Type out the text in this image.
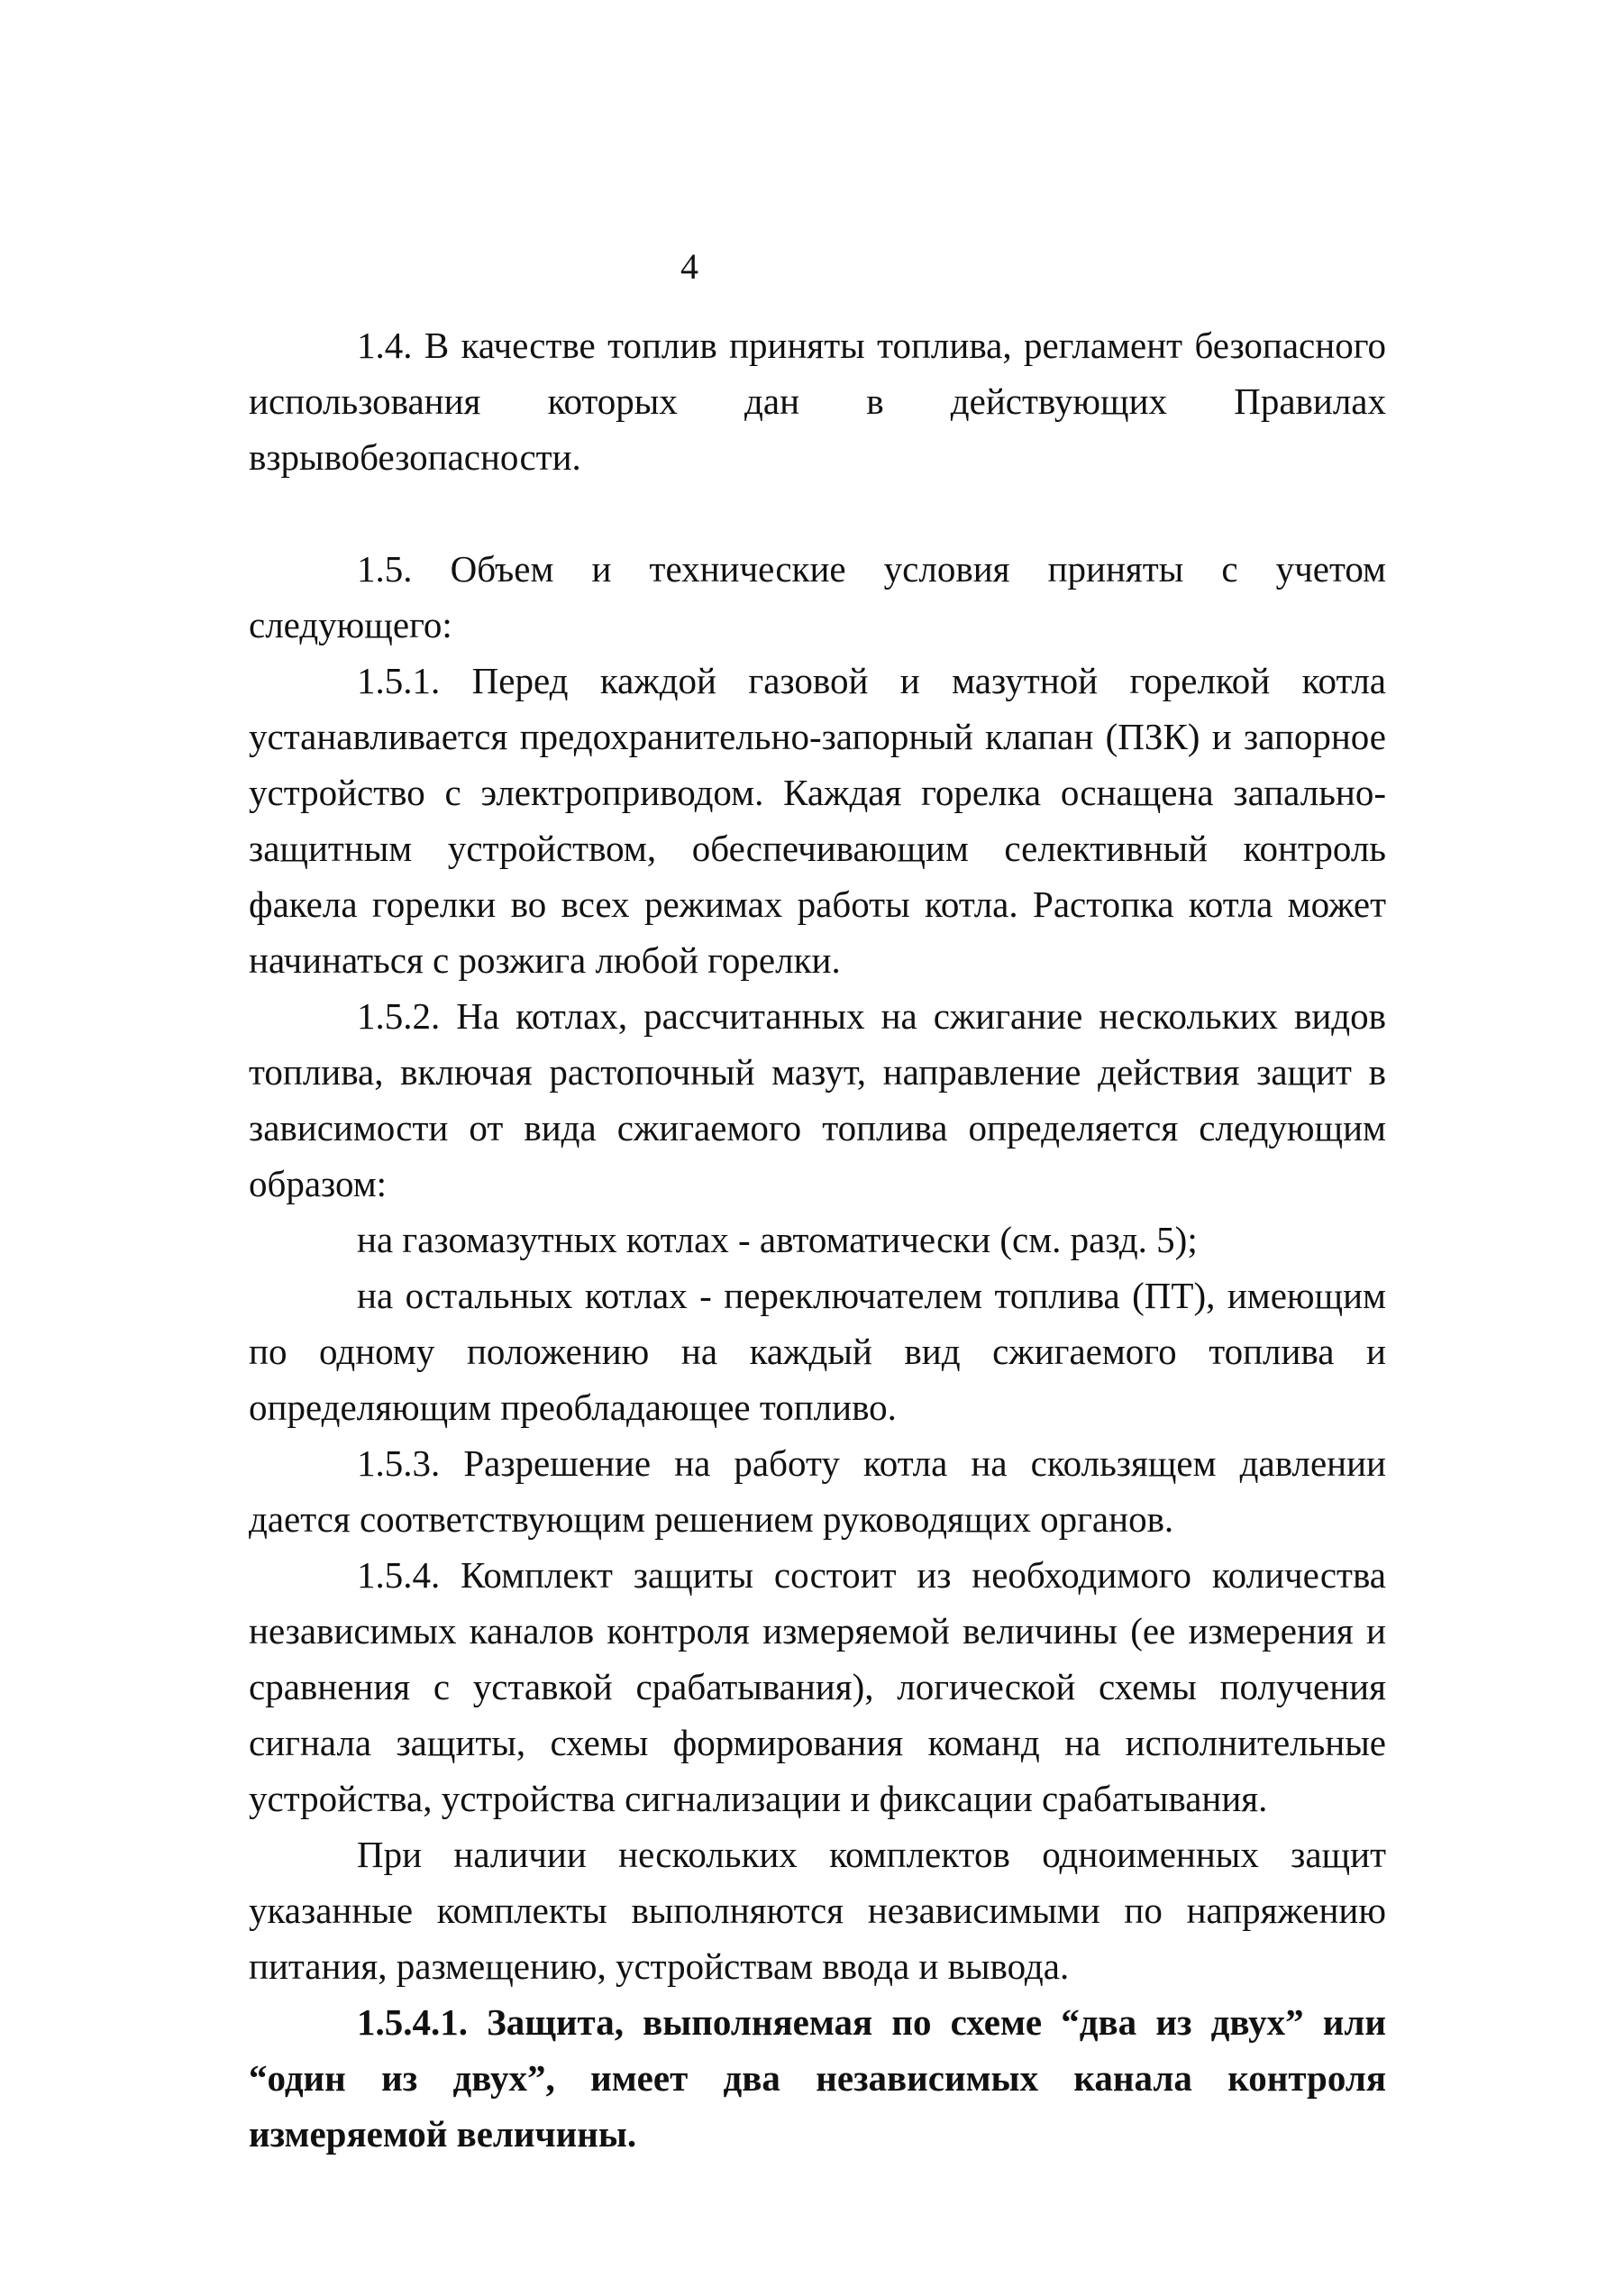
4

1.4. В качестве топлив приняты топлива, регламент безопасного использования которых дан в действующих Правилах взрывобезопасности.

1.5. Объем и технические условия приняты с учетом следующего:

1.5.1. Перед каждой газовой и мазутной горелкой котла устанавливается предохранительно-запорный клапан (ПЗК) и запорное устройство с электроприводом. Каждая горелка оснащена запально-защитным устройством, обеспечивающим селективный контроль факела горелки во всех режимах работы котла. Растопка котла может начинаться с розжига любой горелки.

1.5.2. На котлах, рассчитанных на сжигание нескольких видов топлива, включая растопочный мазут, направление действия защит в зависимости от вида сжигаемого топлива определяется следующим образом:

на газомазутных котлах - автоматически (см. разд. 5);

на остальных котлах - переключателем топлива (ПТ), имеющим по одному положению на каждый вид сжигаемого топлива и определяющим преобладающее топливо.

1.5.3. Разрешение на работу котла на скользящем давлении дается соответствующим решением руководящих органов.

1.5.4. Комплект защиты состоит из необходимого количества независимых каналов контроля измеряемой величины (ее измерения и сравнения с уставкой срабатывания), логической схемы получения сигнала защиты, схемы формирования команд на исполнительные устройства, устройства сигнализации и фиксации срабатывания.

При наличии нескольких комплектов одноименных защит указанные комплекты выполняются независимыми по напряжению питания, размещению, устройствам ввода и вывода.

1.5.4.1. Защита, выполняемая по схеме “два из двух” или “один из двух”, имеет два независимых канала контроля измеряемой величины.
